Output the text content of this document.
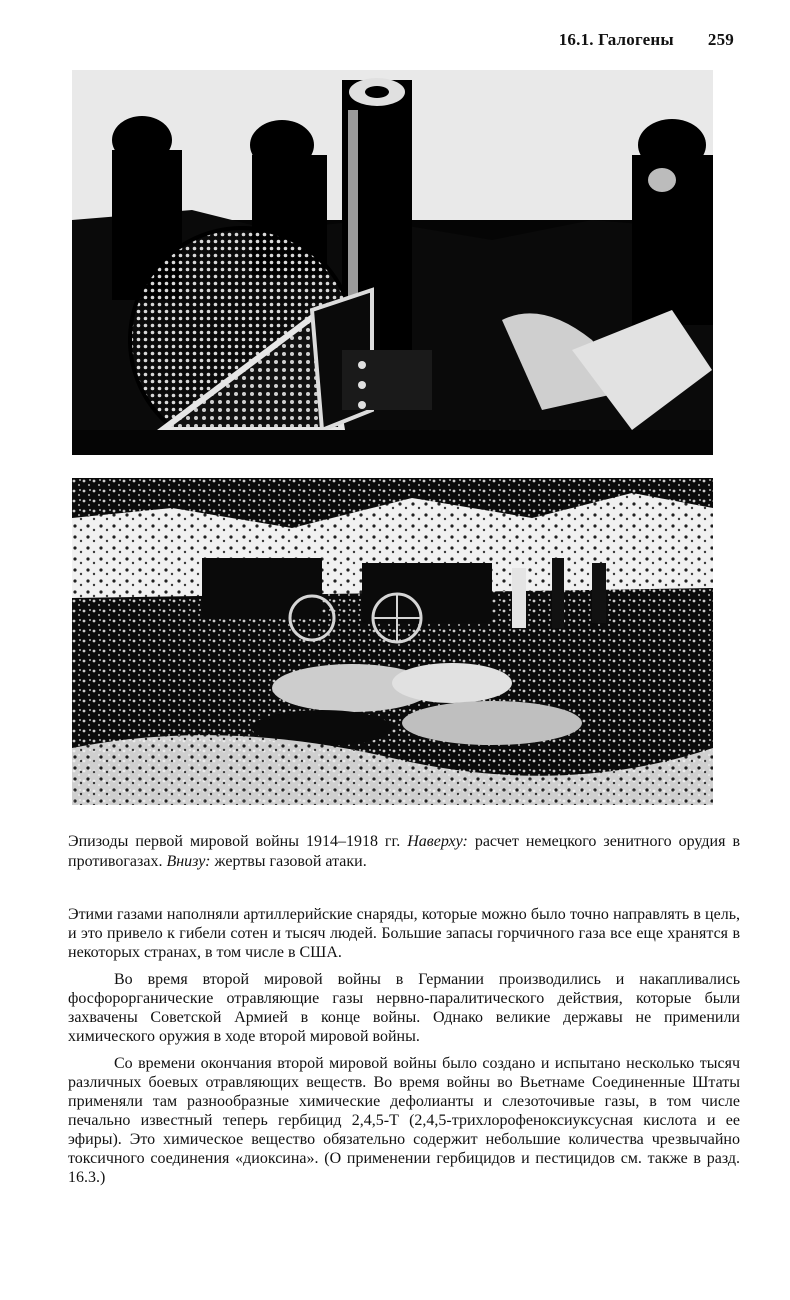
16.1. Галогены 259
Эпизоды первой мировой войны 1914–1918 гг. Наверху: расчет немецкого зенитного орудия в противогазах. Внизу: жертвы газовой атаки.

Этими газами наполняли артиллерийские снаряды, которые можно было точно направлять в цель, и это привело к гибели сотен и тысяч людей. Большие запасы горчичного газа все еще хранятся в некоторых странах, в том числе в США.

Во время второй мировой войны в Германии производились и накапливались фосфорорганические отравляющие газы нервно-паралитического действия, которые были захвачены Советской Армией в конце войны. Однако великие державы не применили химического оружия в ходе второй мировой войны.

Со времени окончания второй мировой войны было создано и испытано несколько тысяч различных боевых отравляющих веществ. Во время войны во Вьетнаме Соединенные Штаты применяли там разнообразные химические дефолианты и слезоточивые газы, в том числе печально известный теперь гербицид 2,4,5-Т (2,4,5-трихлорофеноксиуксусная кислота и ее эфиры). Это химическое вещество обязательно содержит небольшие количества чрезвычайно токсичного соединения «диоксина». (О применении гербицидов и пестицидов см. также в разд. 16.3.)
